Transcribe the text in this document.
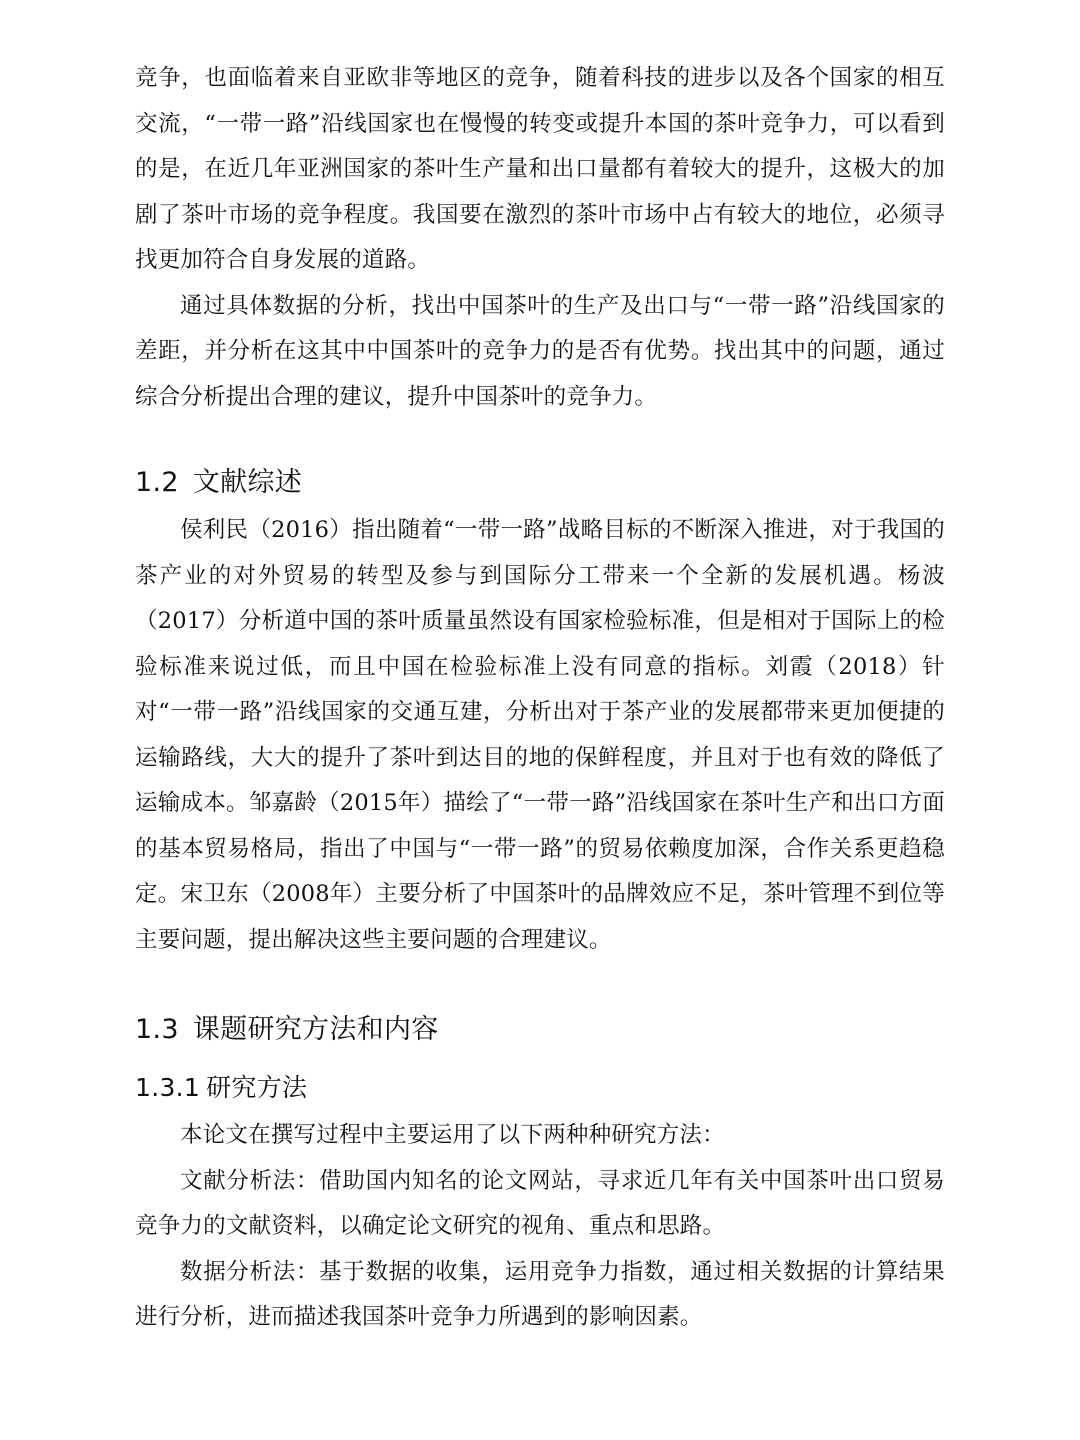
竞争，也面临着来自亚欧非等地区的竞争，随着科技的进步以及各个国家的相互交流，“一带一路”沿线国家也在慢慢的转变或提升本国的茶叶竞争力，可以看到的是，在近几年亚洲国家的茶叶生产量和出口量都有着较大的提升，这极大的加剧了茶叶市场的竞争程度。我国要在激烈的茶叶市场中占有较大的地位，必须寻找更加符合自身发展的道路。

通过具体数据的分析，找出中国茶叶的生产及出口与“一带一路”沿线国家的差距，并分析在这其中中国茶叶的竞争力的是否有优势。找出其中的问题，通过综合分析提出合理的建议，提升中国茶叶的竞争力。

1.2 文献综述

侯利民（2016）指出随着“一带一路”战略目标的不断深入推进，对于我国的茶产业的对外贸易的转型及参与到国际分工带来一个全新的发展机遇。杨波（2017）分析道中国的茶叶质量虽然设有国家检验标准，但是相对于国际上的检验标准来说过低，而且中国在检验标准上没有同意的指标。刘霞（2018）针对“一带一路”沿线国家的交通互建，分析出对于茶产业的发展都带来更加便捷的运输路线，大大的提升了茶叶到达目的地的保鲜程度，并且对于也有效的降低了运输成本。邹嘉龄（2015年）描绘了“一带一路”沿线国家在茶叶生产和出口方面的基本贸易格局，指出了中国与“一带一路”的贸易依赖度加深，合作关系更趋稳定。宋卫东（2008年）主要分析了中国茶叶的品牌效应不足，茶叶管理不到位等主要问题，提出解决这些主要问题的合理建议。

1.3 课题研究方法和内容
1.3.1 研究方法

本论文在撰写过程中主要运用了以下两种种研究方法：

文献分析法：借助国内知名的论文网站，寻求近几年有关中国茶叶出口贸易竞争力的文献资料，以确定论文研究的视角、重点和思路。

数据分析法：基于数据的收集，运用竞争力指数，通过相关数据的计算结果进行分析，进而描述我国茶叶竞争力所遇到的影响因素。
